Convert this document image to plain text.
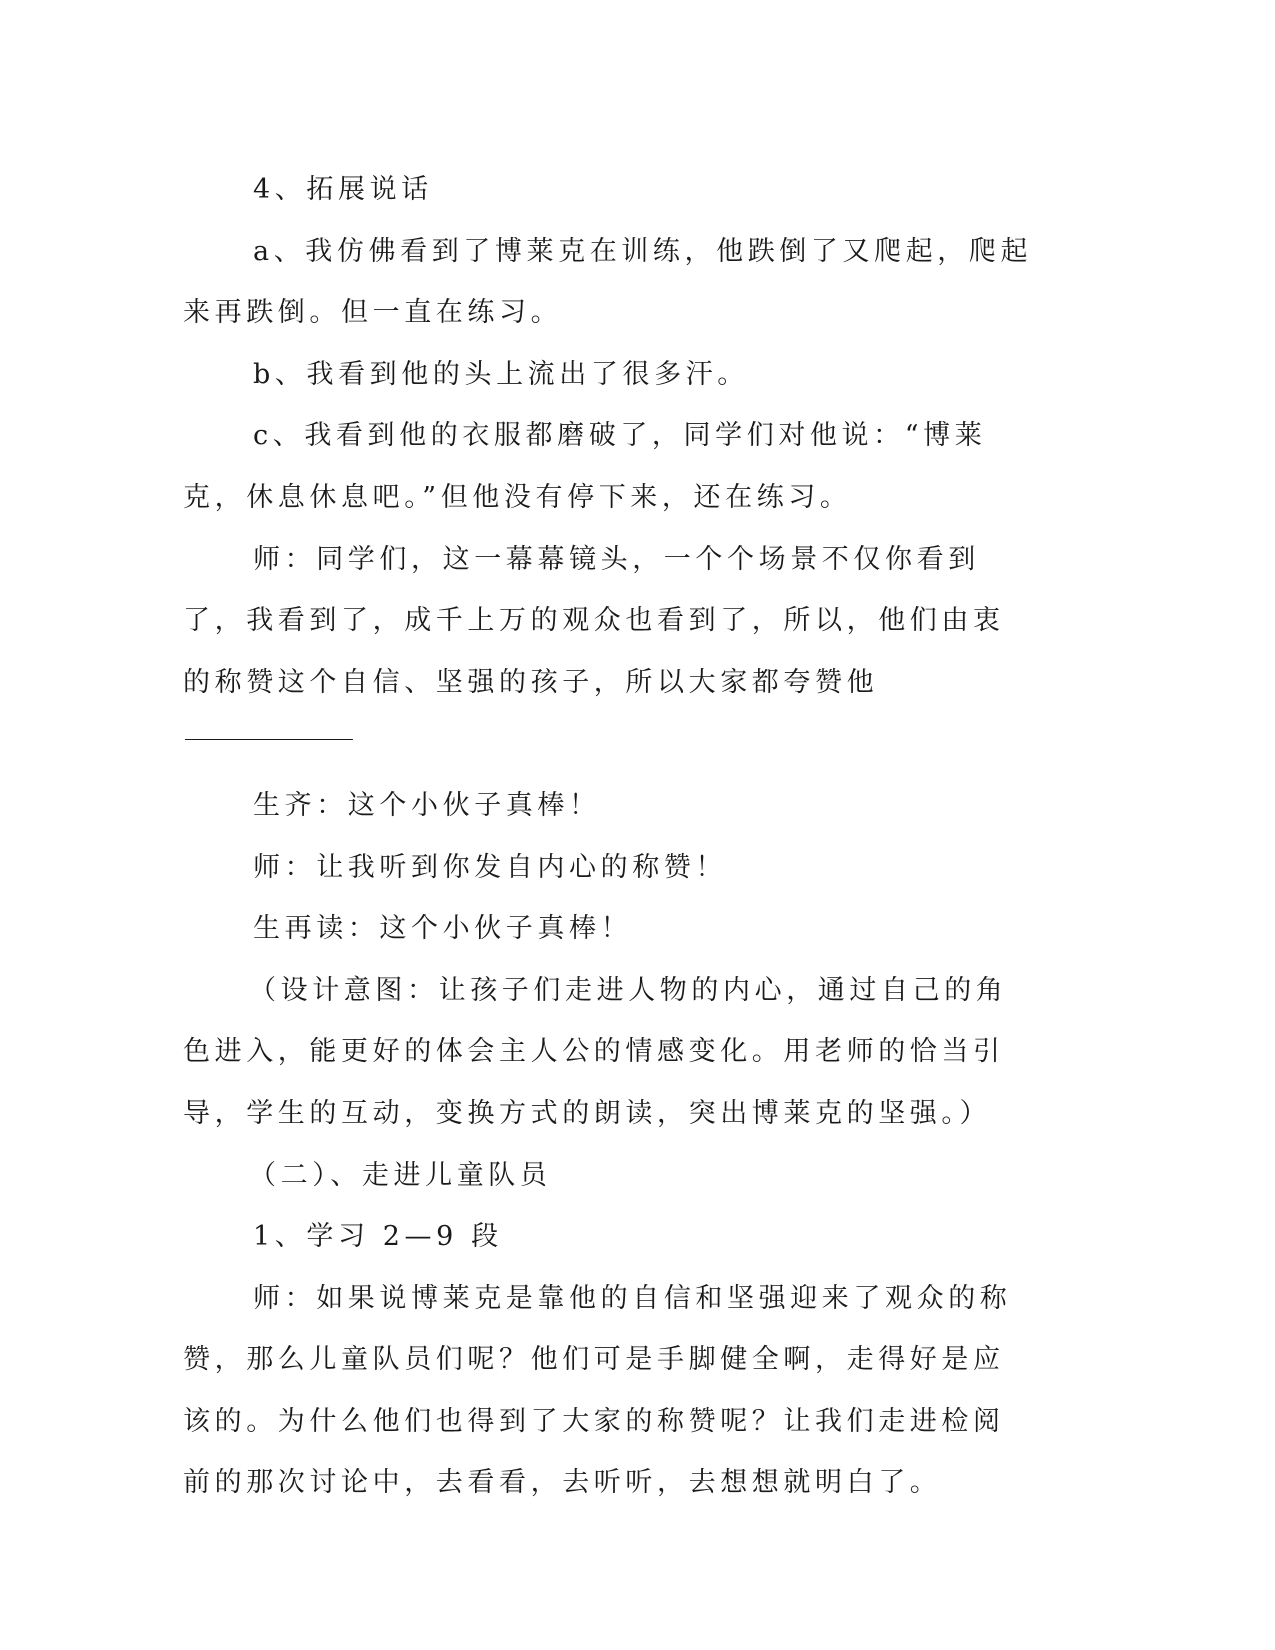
4、拓展说话

a、我仿佛看到了博莱克在训练，他跌倒了又爬起，爬起来再跌倒。但一直在练习。

b、我看到他的头上流出了很多汗。

c、我看到他的衣服都磨破了，同学们对他说：“博莱克，休息休息吧。”但他没有停下来，还在练习。

师：同学们，这一幕幕镜头，一个个场景不仅你看到了，我看到了，成千上万的观众也看到了，所以，他们由衷的称赞这个自信、坚强的孩子，所以大家都夸赞他

生齐：这个小伙子真棒！

师：让我听到你发自内心的称赞！

生再读：这个小伙子真棒！

（设计意图：让孩子们走进人物的内心，通过自己的角色进入，能更好的体会主人公的情感变化。用老师的恰当引导，学生的互动，变换方式的朗读，突出博莱克的坚强。）

（二）、走进儿童队员

1、学习 2—9 段

师：如果说博莱克是靠他的自信和坚强迎来了观众的称赞，那么儿童队员们呢？他们可是手脚健全啊，走得好是应该的。为什么他们也得到了大家的称赞呢？让我们走进检阅前的那次讨论中，去看看，去听听，去想想就明白了。
